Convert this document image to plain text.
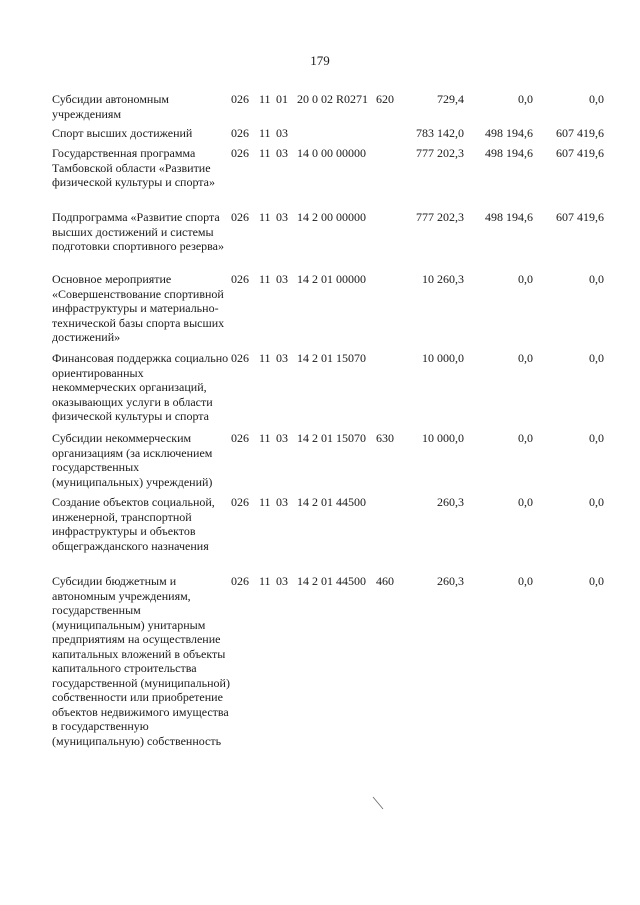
179
Субсидии автономным учреждениям
026 11 01 20 0 02 R0271 620	729,4	0,0	0,0
Спорт высших достижений	026 11 03	783 142,0	498 194,6	607 419,6
Государственная программа Тамбовской области «Развитие физической культуры и спорта»
026 11 03 14 0 00 00000	777 202,3	498 194,6	607 419,6
Подпрограмма «Развитие спорта высших достижений и системы подготовки спортивного резерва»
026 11 03 14 2 00 00000	777 202,3	498 194,6	607 419,6
Основное мероприятие «Совершенствование спортивной инфраструктуры и материально-технической базы спорта высших достижений»
026 11 03 14 2 01 00000	10 260,3	0,0	0,0
Финансовая поддержка социально ориентированных некоммерческих организаций, оказывающих услуги в области физической культуры и спорта
026 11 03 14 2 01 15070	10 000,0	0,0	0,0
Субсидии некоммерческим организациям (за исключением государственных (муниципальных) учреждений)
026 11 03 14 2 01 15070 630	10 000,0	0,0	0,0
Создание объектов социальной, инженерной, транспортной инфраструктуры и объектов общегражданского назначения
026 11 03 14 2 01 44500	260,3	0,0	0,0
Субсидии бюджетным и автономным учреждениям, государственным (муниципальным) унитарным предприятиям на осуществление капитальных вложений в объекты капитального строительства государственной (муниципальной) собственности или приобретение объектов недвижимого имущества в государственную (муниципальную) собственность
026 11 03 14 2 01 44500 460	260,3	0,0	0,0
